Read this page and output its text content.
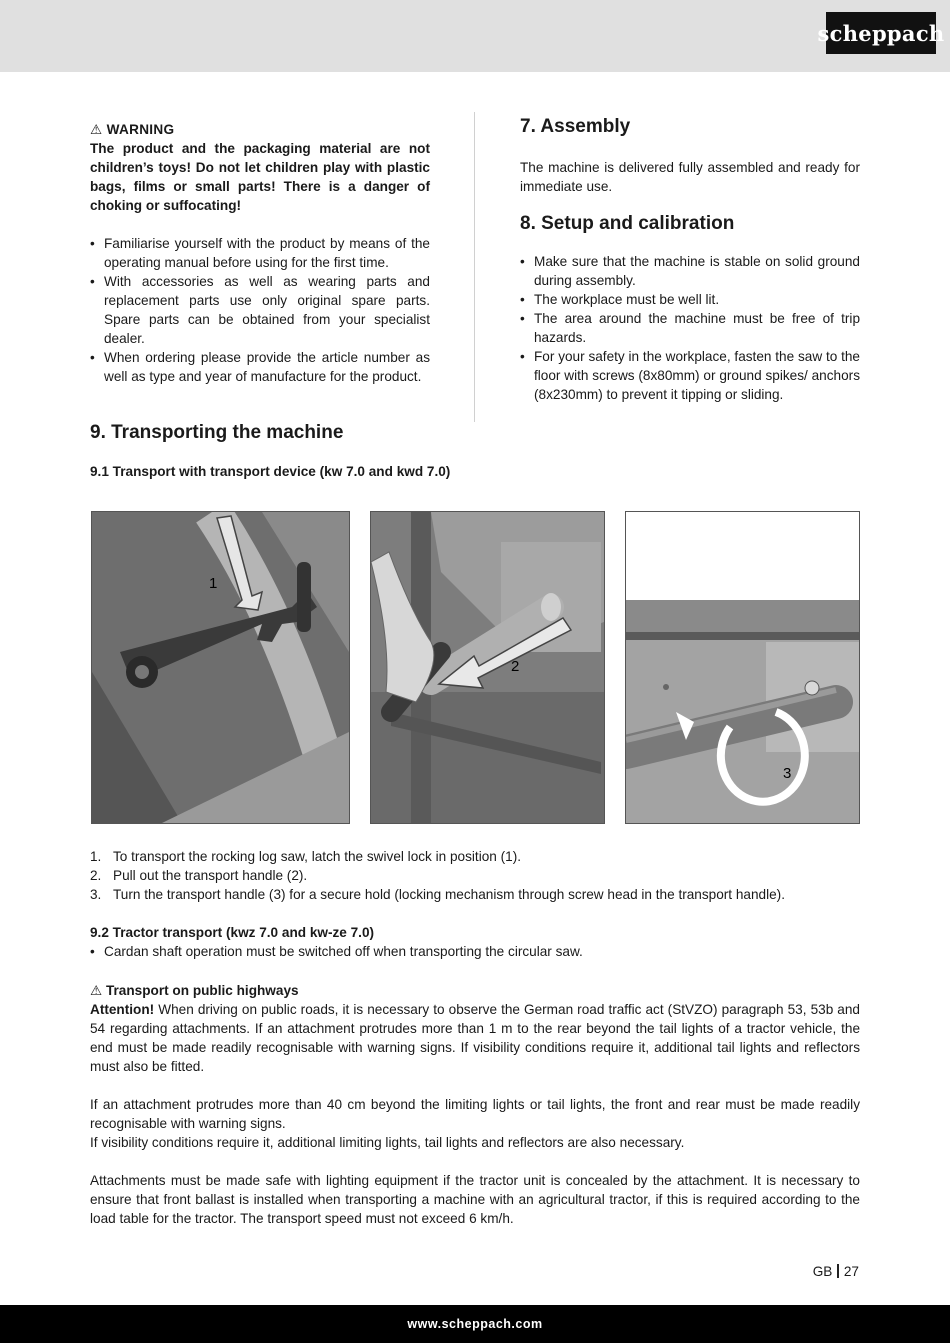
scheppach
⚠ WARNING
The product and the packaging material are not children’s toys! Do not let children play with plastic bags, films or small parts! There is a danger of choking or suffocating!
• Familiarise yourself with the product by means of the operating manual before using for the first time.
• With accessories as well as wearing parts and replacement parts use only original spare parts. Spare parts can be obtained from your specialist dealer.
• When ordering please provide the article number as well as type and year of manufacture for the product.
7. Assembly
The machine is delivered fully assembled and ready for immediate use.
8. Setup and calibration
• Make sure that the machine is stable on solid ground during assembly.
• The workplace must be well lit.
• The area around the machine must be free of trip hazards.
• For your safety in the workplace, fasten the saw to the floor with screws (8x80mm) or ground spikes/ anchors (8x230mm) to prevent it tipping or sliding.
9. Transporting the machine
9.1 Transport with transport device (kw 7.0 and kwd 7.0)
1
2
3
1. To transport the rocking log saw, latch the swivel lock in position (1).
2. Pull out the transport handle (2).
3. Turn the transport handle (3) for a secure hold (locking mechanism through screw head in the transport handle).
9.2 Tractor transport (kwz 7.0 and kw-ze 7.0)
• Cardan shaft operation must be switched off when transporting the circular saw.
⚠ Transport on public highways

Attention! When driving on public roads, it is necessary to observe the German road traffic act (StVZO) paragraph 53, 53b and 54 regarding attachments. If an attachment protrudes more than 1 m to the rear beyond the tail lights of a tractor vehicle, the end must be made readily recognisable with warning signs. If visibility conditions require it, additional tail lights and reflectors must also be fitted.

If an attachment protrudes more than 40 cm beyond the limiting lights or tail lights, the front and rear must be made readily recognisable with warning signs.
If visibility conditions require it, additional limiting lights, tail lights and reflectors are also necessary.

Attachments must be made safe with lighting equipment if the tractor unit is concealed by the attachment. It is necessary to ensure that front ballast is installed when transporting a machine with an agricultural tractor, if this is required according to the load table for the tractor. The transport speed must not exceed 6 km/h.

GB 27
www.scheppach.com
